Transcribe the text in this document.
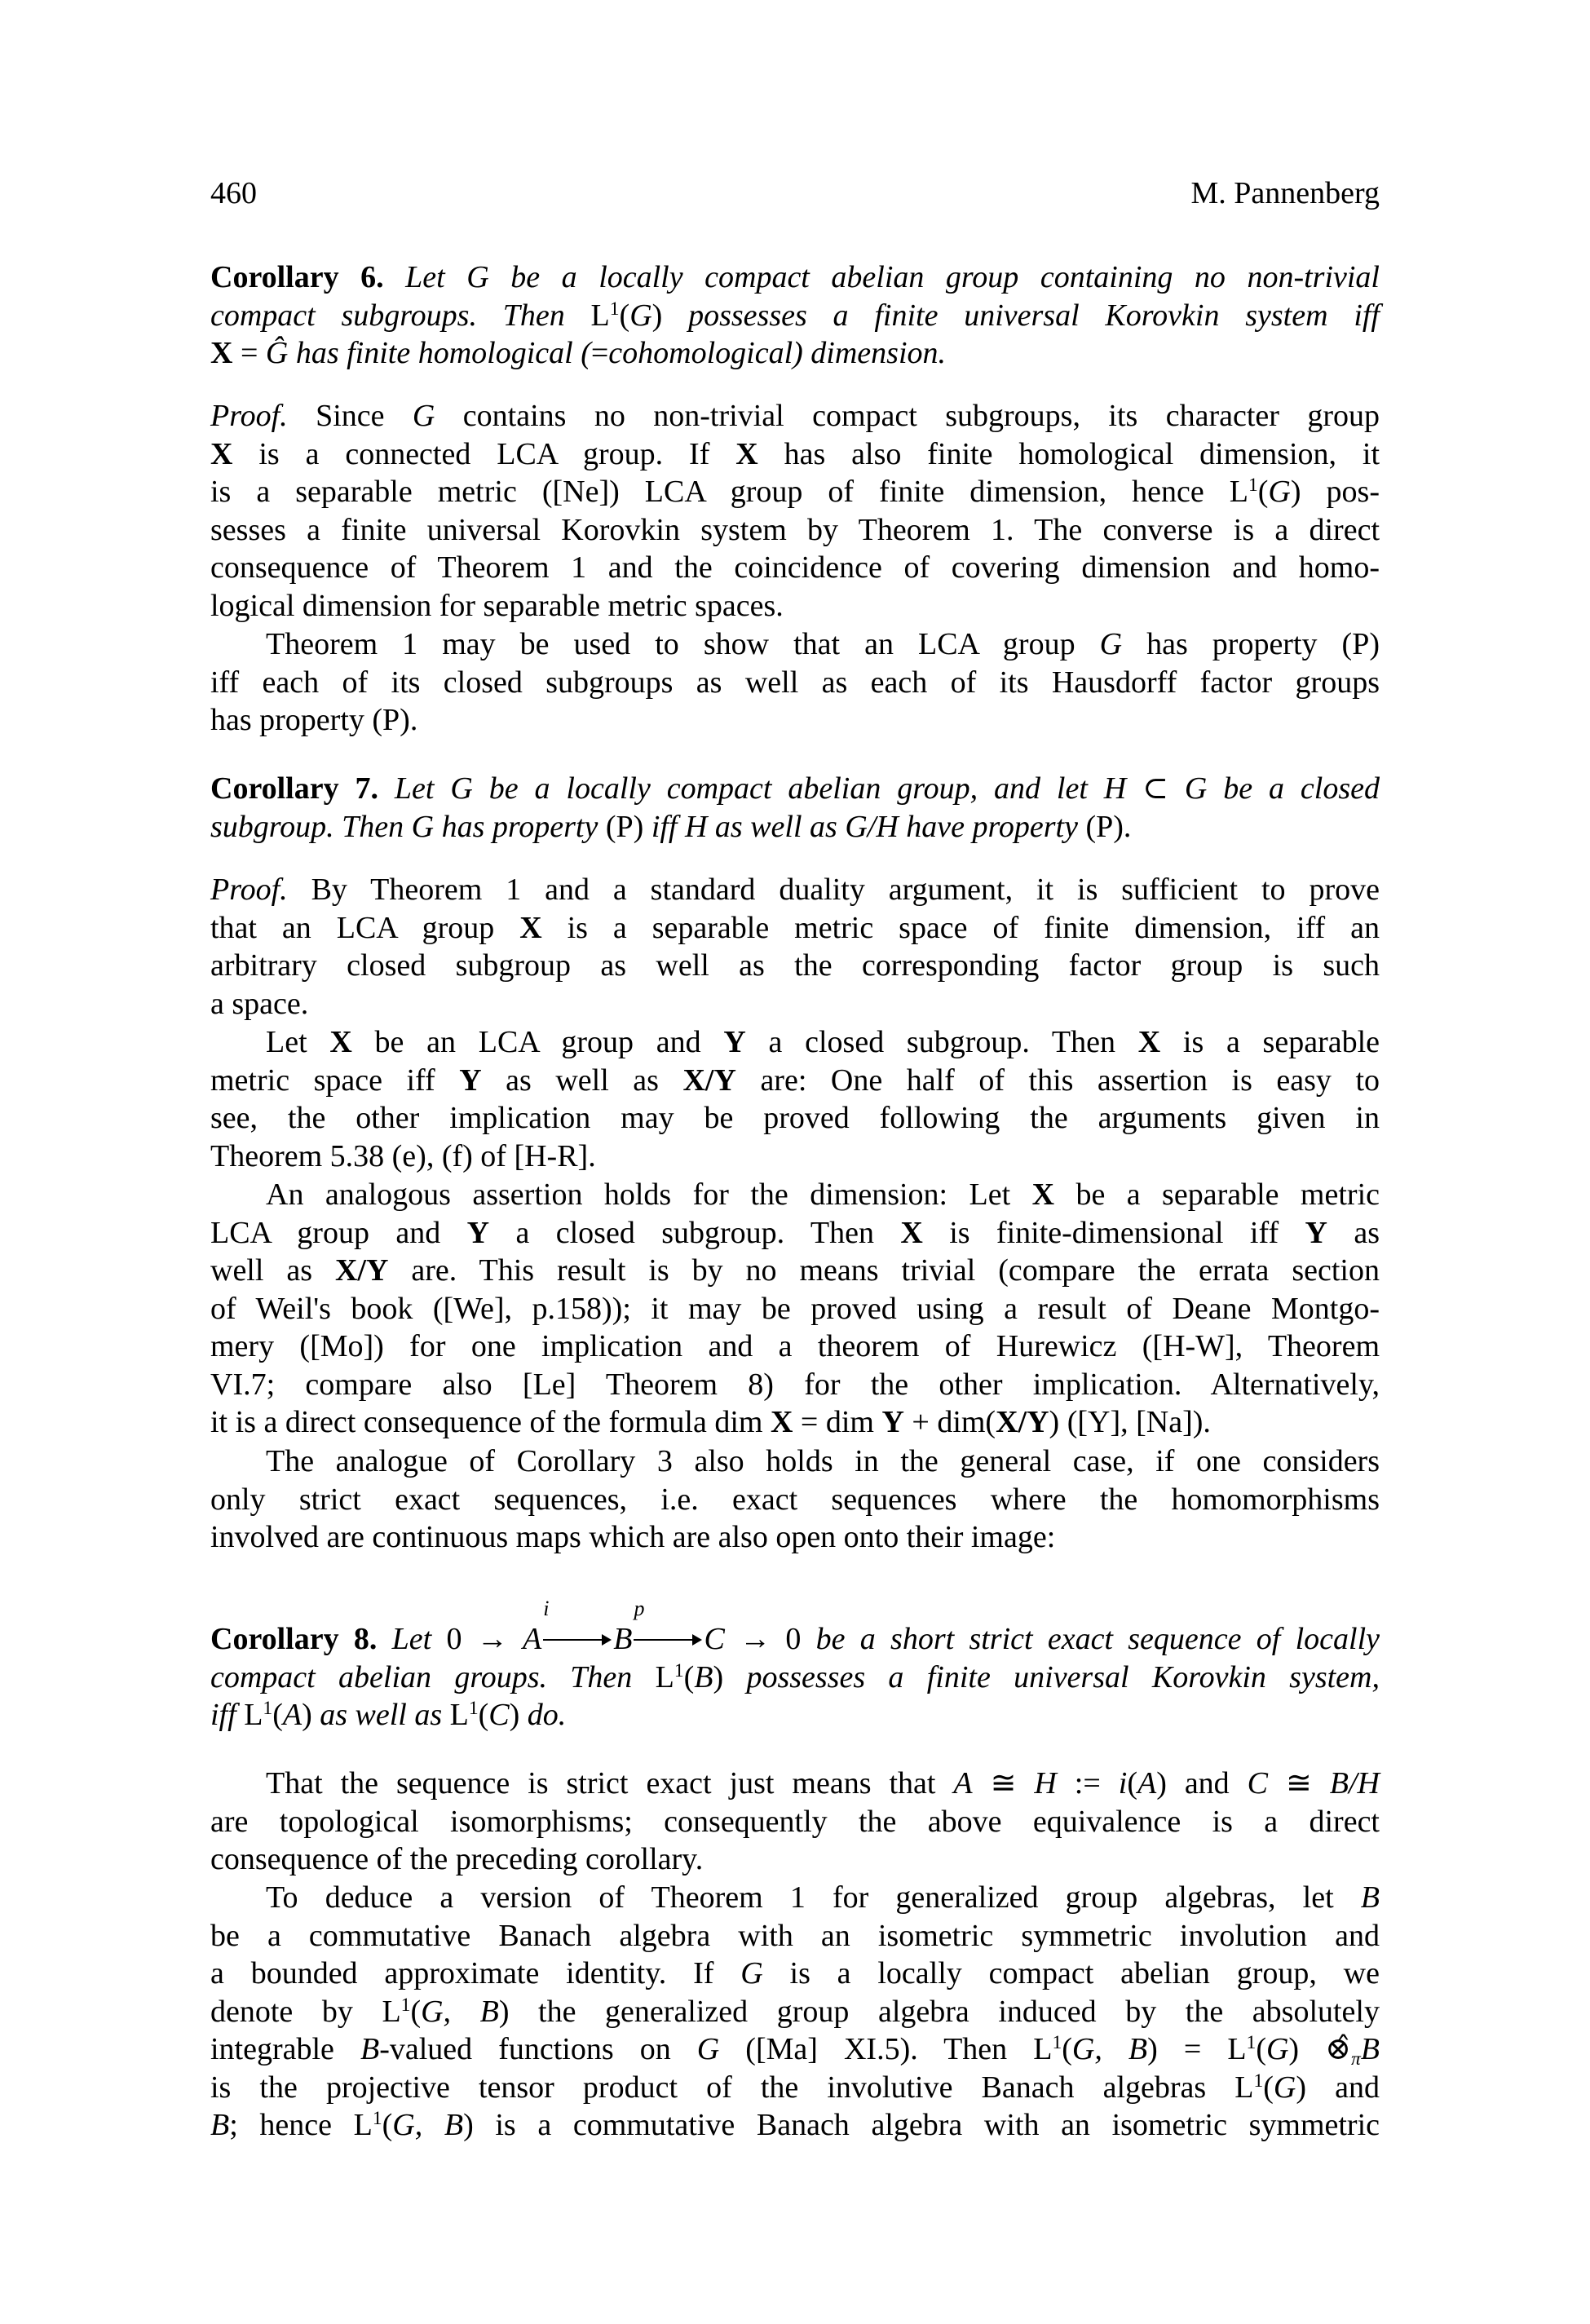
460	M. Pannenberg
Corollary 6. Let G be a locally compact abelian group containing no non-trivial
compact subgroups. Then $L^1(G)$ possesses a finite universal Korovkin system iff
X = Ĝ has finite homological (=cohomological) dimension.
Proof. Since G contains no non-trivial compact subgroups, its character group
X is a connected LCA group. If X has also finite homological dimension, it
is a separable metric ([Ne]) LCA group of finite dimension, hence $L^1(G)$ pos-
sesses a finite universal Korovkin system by Theorem 1. The converse is a direct
consequence of Theorem 1 and the coincidence of covering dimension and homo-
logical dimension for separable metric spaces.
Theorem 1 may be used to show that an LCA group G has property (P)
iff each of its closed subgroups as well as each of its Hausdorff factor groups
has property (P).
Corollary 7. Let G be a locally compact abelian group, and let H ⊂ G be a closed
subgroup. Then G has property (P) iff H as well as G/H have property (P).
Proof. By Theorem 1 and a standard duality argument, it is sufficient to prove
that an LCA group X is a separable metric space of finite dimension, iff an
arbitrary closed subgroup as well as the corresponding factor group is such
a space.
Let X be an LCA group and Y a closed subgroup. Then X is a separable
metric space iff Y as well as X/Y are: One half of this assertion is easy to
see, the other implication may be proved following the arguments given in
Theorem 5.38 (e), (f) of [H-R].
An analogous assertion holds for the dimension: Let X be a separable metric
LCA group and Y a closed subgroup. Then X is finite-dimensional iff Y as
well as X/Y are. This result is by no means trivial (compare the errata section
of Weil's book ([We], p.158)); it may be proved using a result of Deane Montgo-
mery ([Mo]) for one implication and a theorem of Hurewicz ([H-W], Theorem
VI.7; compare also [Le] Theorem 8) for the other implication. Alternatively,
it is a direct consequence of the formula dim X = dim Y + dim(X/Y) ([Y], [Na]).
The analogue of Corollary 3 also holds in the general case, if one considers
only strict exact sequences, i.e. exact sequences where the homomorphisms
involved are continuous maps which are also open onto their image:
Corollary 8. Let 0 → A
i
B
p
C → 0 be a short strict exact sequence of locally
compact abelian groups. Then $L^1(B)$ possesses a finite universal Korovkin system,
iff $L^1(A)$ as well as $L^1(C)$ do.
That the sequence is strict exact just means that A ≅ H := i(A) and C ≅ B/H
are topological isomorphisms; consequently the above equivalence is a direct
consequence of the preceding corollary.
To deduce a version of Theorem 1 for generalized group algebras, let B
be a commutative Banach algebra with an isometric symmetric involution and
a bounded approximate identity. If G is a locally compact abelian group, we
denote by $L^1(G$, B) the generalized group algebra induced by the absolutely
integrable B-valued functions on G ([Ma] XI.5). Then $L^1(G$, $B) = L^1(G)$ ⊗̂πB
is the projective tensor product of the involutive Banach algebras $L^1(G)$ and
B; hence $L^1(G$, B) is a commutative Banach algebra with an isometric symmetric
